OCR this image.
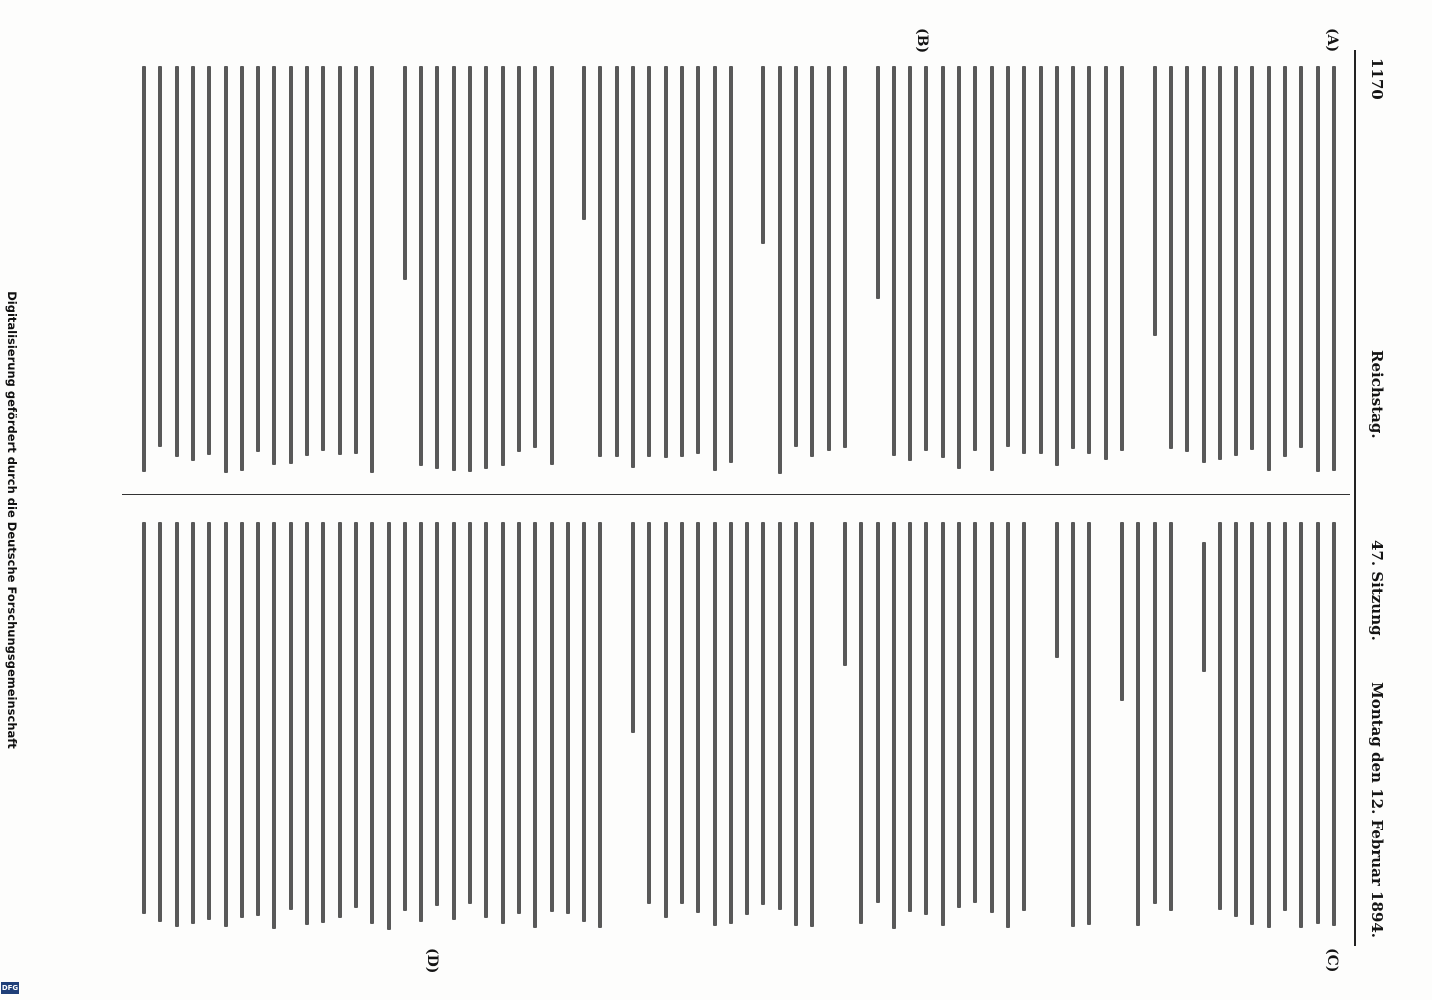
Digitalisierung gefördert durch die Deutsche Forschungsgemeinschaft
DFG
1170
Reichstag.
47. Sitzung.
Montag den 12. Februar 1894.
(A)
(B)
(C)
(D)
